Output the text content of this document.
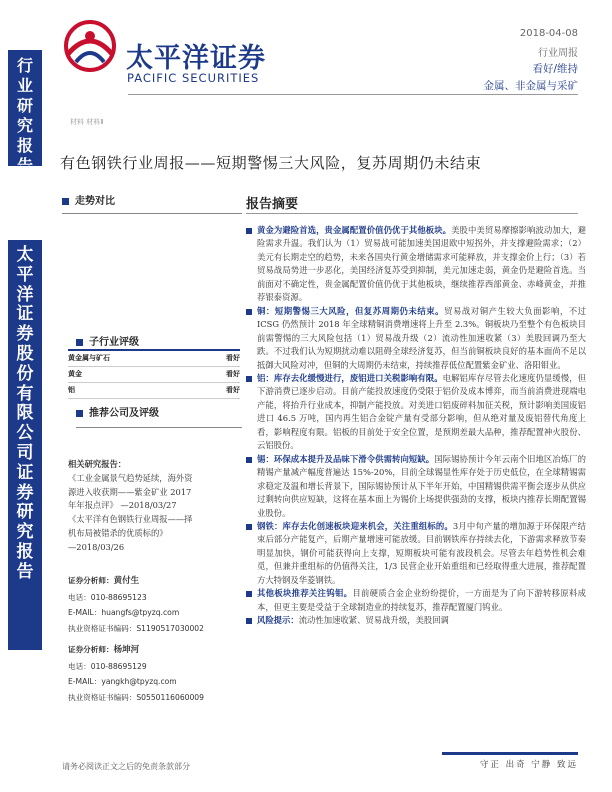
行业研究报告
太平洋证券股份有限公司证券研究报告
太平洋证券
PACIFIC SECURITIES
2018-04-08
行业周报
看好/维持
金属、非金属与采矿
材料 材料Ⅱ
有色钢铁行业周报——短期警惕三大风险，复苏周期仍未结束
走势对比
子行业评级
黄金属与矿石	看好
黄金	看好
铝	看好
推荐公司及评级
相关研究报告：
《工业金属景气趋势延续，海外资
源进入收获期——紫金矿业 2017
年年报点评》 —2018/03/27
《太平洋有色钢铁行业周报——择
机布局被错杀的优质标的》
—2018/03/26
证券分析师：黄付生
电话：010-88695123
E-MAIL：huangfs@tpyzq.com
执业资格证书编码：S1190517030002
证券分析师：杨坤河
电话：010-88695129
E-MAIL：yangkh@tpyzq.com
执业资格证书编码：S0550116060009
报告摘要

黄金为避险首选，贵金属配置价值仍优于其他板块。美股中美贸易摩擦影响波动加大，避险需求升温。我们认为（1）贸易战可能加速美国退欧中短拐外，并支撑避险需求；（2）美元有长期走空的趋势，未来各国央行黄金增储需求可能释放，并支撑金价上行；（3）若贸易战局势进一步恶化，美国经济复苏受到抑制，美元加速走弱，黄金仍是避险首选。当前面对不确定性，贵金属配置价值仍优于其他板块，继续推荐西部黄金、赤峰黄金，并推荐银泰资源。

铜：短期警惕三大风险，但复苏周期仍未结束。贸易战对铜产生较大负面影响，不过 ICSG 仍然预计 2018 年全球精铜消费增速将上升至 2.3%。铜板块乃至整个有色板块目前需警惕的三大风险包括（1）贸易战升级（2）流动性加速收紧（3）美股回调乃至大跌。不过我们认为短期扰动难以阻碍全球经济复苏，但当前铜板块良好的基本面尚不足以抵御大风险对冲，但铜的大周期仍未结束，持续推荐低位配置紫金矿业、洛阳钼业。

铝：库存去化缓慢进行，废铝进口关税影响有限。电解铝库存尽管去化速度仍显缓慢，但下游消费已逐步启动。目前产能投放速度仍受限于铝价及成本博弈，而当前消费进现端电产能，将抬升行业成本，抑制产能投放。对美进口铝废碎料加征关税，预计影响美国废铝进口 46.5 万吨，国内再生铝合金锭产量有受部分影响，但从绝对量及废铝替代角度上看，影响程度有限。铝板的目前处于安全位置，是预期差最大品种，推荐配置神火股份、云铝股份。

锡：环保成本提升及品味下滑令供需转向短缺。国际锡协预计今年云南个旧地区冶炼厂的精锡产量减产幅度普遍达 15%-20%，目前全球锡显性库存处于历史低位，在全球精锡需求稳定及温和增长背景下，国际锡协预计从下半年开始，中国精锡供需平衡会逐步从供应过剩转向供应短缺，这将在基本面上为锡价上场提供强劲的支撑，板块内推荐长期配置锡业股份。

钢铁：库存去化创速板块迎来机会，关注重组标的。3月中旬产量的增加源于环保限产结束后部分产能复产，后期产量增速可能放缓。目前钢铁库存持续去化，下游需求释放节奏明显加快，钢价可能获得向上支撑，短期板块可能有波段机会。尽管去年趋势性机会难觅，但兼并重组标的仍值得关注，1/3 民营企业开始重组和已经取得重大进展，推荐配置方大特钢及华菱钢铁。

其他板块推荐关注钨钼。目前硬质合金企业纷纷提价，一方面是为了向下游转移原料成本，但更主要是受益于全球制造业的持续复苏，推荐配置厦门钨业。

风险提示：流动性加速收紧、贸易战升级，美股回调

请务必阅读正文之后的免责条款部分	守正 出奇 宁静 致远
